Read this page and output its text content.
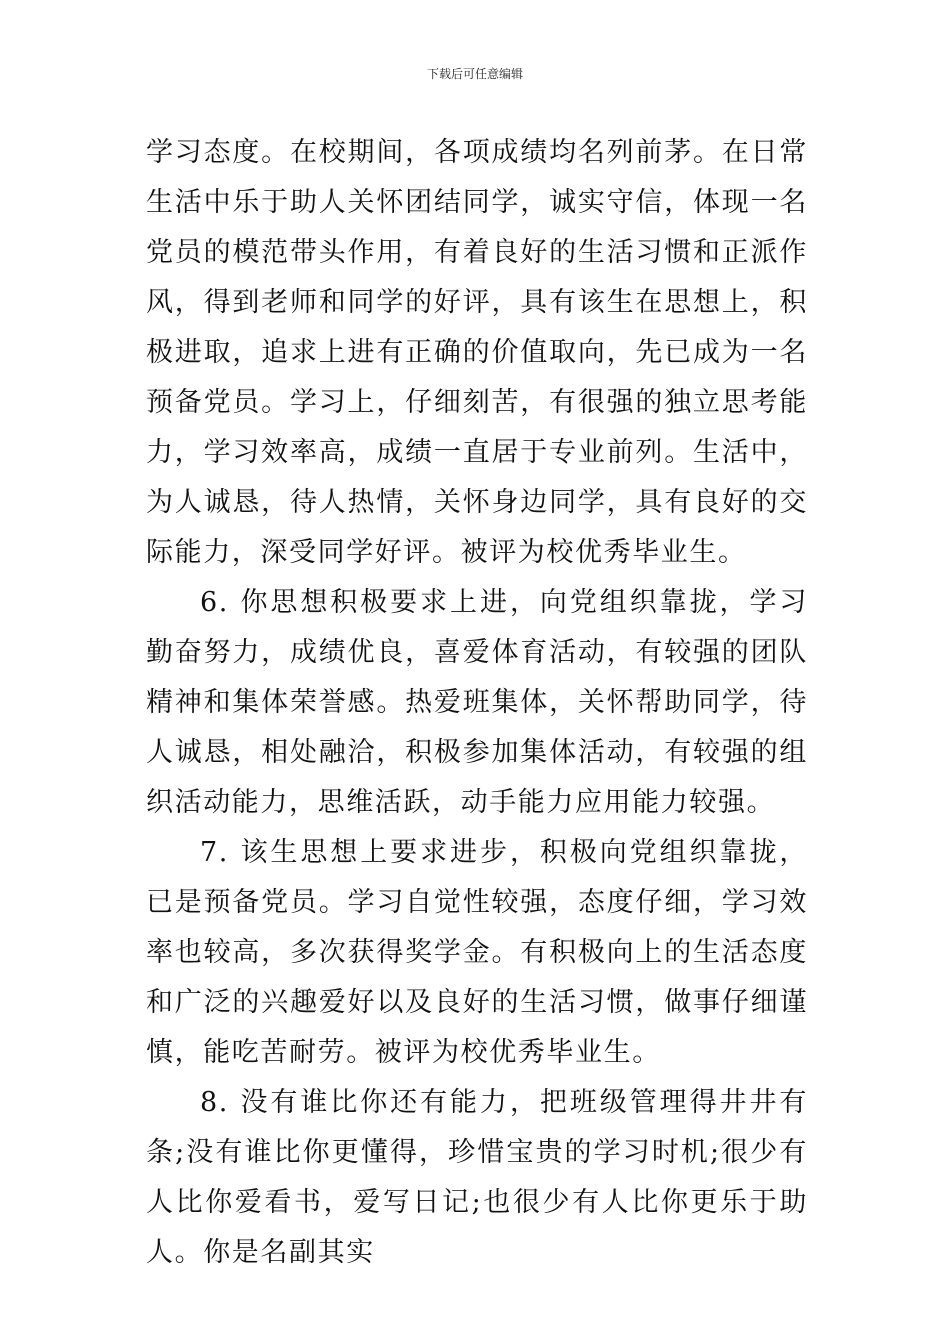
下载后可任意编辑

学习态度。在校期间，各项成绩均名列前茅。在日常生活中乐于助人关怀团结同学，诚实守信，体现一名党员的模范带头作用，有着良好的生活习惯和正派作风，得到老师和同学的好评，具有该生在思想上，积极进取，追求上进有正确的价值取向，先已成为一名预备党员。学习上，仔细刻苦，有很强的独立思考能力，学习效率高，成绩一直居于专业前列。生活中，为人诚恳，待人热情，关怀身边同学，具有良好的交际能力，深受同学好评。被评为校优秀毕业生。

6. 你思想积极要求上进，向党组织靠拢，学习勤奋努力，成绩优良，喜爱体育活动，有较强的团队精神和集体荣誉感。热爱班集体，关怀帮助同学，待人诚恳，相处融洽，积极参加集体活动，有较强的组织活动能力，思维活跃，动手能力应用能力较强。

7. 该生思想上要求进步，积极向党组织靠拢，已是预备党员。学习自觉性较强，态度仔细，学习效率也较高，多次获得奖学金。有积极向上的生活态度和广泛的兴趣爱好以及良好的生活习惯，做事仔细谨慎，能吃苦耐劳。被评为校优秀毕业生。

8. 没有谁比你还有能力，把班级管理得井井有条;没有谁比你更懂得，珍惜宝贵的学习时机;很少有人比你爱看书，爱写日记;也很少有人比你更乐于助人。你是名副其实
